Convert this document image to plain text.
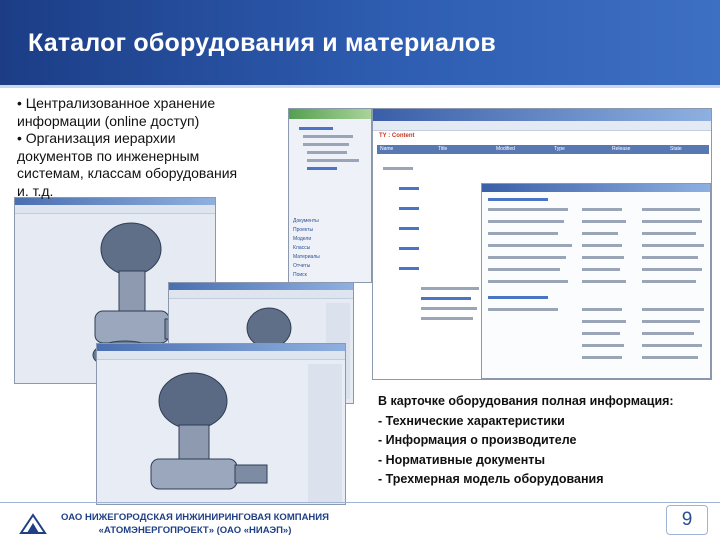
Каталог оборудования и материалов
Документы
Проекты
Модели
Классы
Материалы
Отчеты
Поиск
TY : Content
Name	Title	Modified	Type	Release	State
• Централизованное хранение
информации (online доступ)
• Организация иерархии
документов по инженерным
системам, классам оборудования
и. т.д.
В карточке оборудования полная информация:
- Технические характеристики
- Информация о производителе
- Нормативные документы
- Трехмерная модель оборудования
ОАО НИЖЕГОРОДСКАЯ ИНЖИНИРИНГОВАЯ КОМПАНИЯ
«АТОМЭНЕРГОПРОЕКТ» (ОАО «НИАЭП»)
9
